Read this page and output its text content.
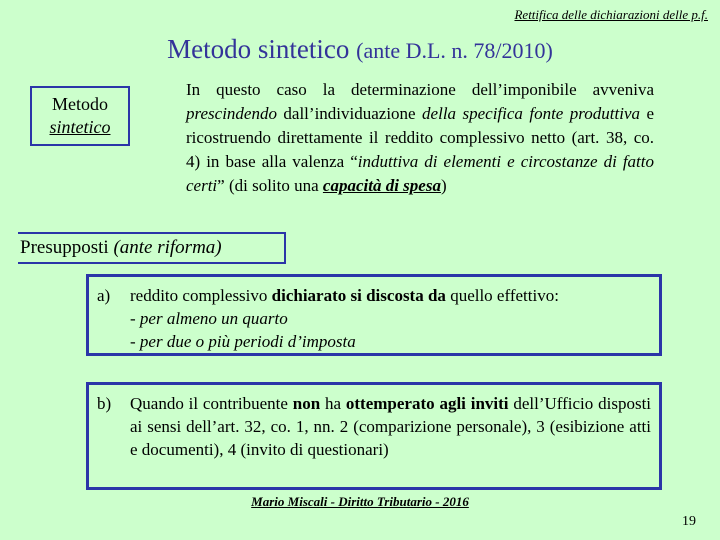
Rettifica delle dichiarazioni delle p.f.
Metodo sintetico (ante D.L. n. 78/2010)
Metodo
sintetico
In questo caso la determinazione dell’imponibile avveniva prescindendo dall’individuazione della specifica fonte produttiva e ricostruendo direttamente il reddito complessivo netto (art. 38, co. 4) in base alla valenza “induttiva di elementi e circostanze di fatto certi” (di solito una capacità di spesa)
Presupposti (ante riforma)
a) reddito complessivo dichiarato si discosta da quello effettivo:
- per almeno un quarto
- per due o più periodi d’imposta
b) Quando il contribuente non ha ottemperato agli inviti dell’Ufficio disposti ai sensi dell’art. 32, co. 1, nn. 2 (comparizione personale), 3 (esibizione atti e documenti), 4 (invito di questionari)
Mario Miscali - Diritto Tributario - 2016
19
